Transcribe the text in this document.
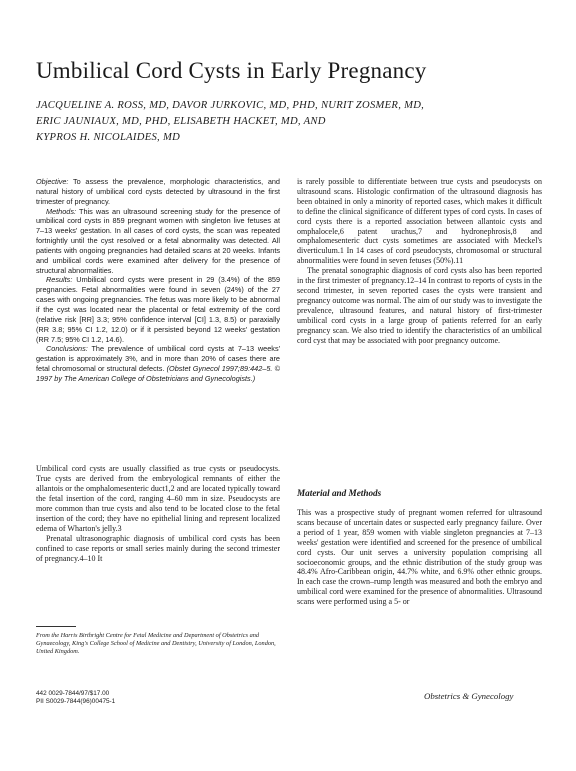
Umbilical Cord Cysts in Early Pregnancy
JACQUELINE A. ROSS, MD, DAVOR JURKOVIC, MD, PHD, NURIT ZOSMER, MD,
ERIC JAUNIAUX, MD, PHD, ELISABETH HACKET, MD, AND
KYPROS H. NICOLAIDES, MD

Objective: To assess the prevalence, morphologic characteristics, and natural history of umbilical cord cysts detected by ultrasound in the first trimester of pregnancy.

Methods: This was an ultrasound screening study for the presence of umbilical cord cysts in 859 pregnant women with singleton live fetuses at 7–13 weeks' gestation. In all cases of cord cysts, the scan was repeated fortnightly until the cyst resolved or a fetal abnormality was detected. All patients with ongoing pregnancies had detailed scans at 20 weeks. Infants and umbilical cords were examined after delivery for the presence of structural abnormalities.

Results: Umbilical cord cysts were present in 29 (3.4%) of the 859 pregnancies. Fetal abnormalities were found in seven (24%) of the 27 cases with ongoing pregnancies. The fetus was more likely to be abnormal if the cyst was located near the placental or fetal extremity of the cord (relative risk [RR] 3.3; 95% confidence interval [CI] 1.3, 8.5) or paraxially (RR 3.8; 95% CI 1.2, 12.0) or if it persisted beyond 12 weeks' gestation (RR 7.5; 95% CI 1.2, 14.6).

Conclusions: The prevalence of umbilical cord cysts at 7–13 weeks' gestation is approximately 3%, and in more than 20% of cases there are fetal chromosomal or structural defects. (Obstet Gynecol 1997;89:442–5. © 1997 by The American College of Obstetricians and Gynecologists.)

Umbilical cord cysts are usually classified as true cysts or pseudocysts. True cysts are derived from the embryological remnants of either the allantois or the omphalomesenteric duct1,2 and are located typically toward the fetal insertion of the cord, ranging 4–60 mm in size. Pseudocysts are more common than true cysts and also tend to be located close to the fetal insertion of the cord; they have no epithelial lining and represent localized edema of Wharton's jelly.3

Prenatal ultrasonographic diagnosis of umbilical cord cysts has been confined to case reports or small series mainly during the second trimester of pregnancy.4–10 It

is rarely possible to differentiate between true cysts and pseudocysts on ultrasound scans. Histologic confirmation of the ultrasound diagnosis has been obtained in only a minority of reported cases, which makes it difficult to define the clinical significance of different types of cord cysts. In cases of cord cysts there is a reported association between allantoic cysts and omphalocele,6 patent urachus,7 and hydronephrosis,8 and omphalomesenteric duct cysts sometimes are associated with Meckel's diverticulum.1 In 14 cases of cord pseudocysts, chromosomal or structural abnormalities were found in seven fetuses (50%).11

The prenatal sonographic diagnosis of cord cysts also has been reported in the first trimester of pregnancy.12–14 In contrast to reports of cysts in the second trimester, in seven reported cases the cysts were transient and pregnancy outcome was normal. The aim of our study was to investigate the prevalence, ultrasound features, and natural history of first-trimester umbilical cord cysts in a large group of patients referred for an early pregnancy scan. We also tried to identify the characteristics of an umbilical cord cyst that may be associated with poor pregnancy outcome.

Material and Methods

This was a prospective study of pregnant women referred for ultrasound scans because of uncertain dates or suspected early pregnancy failure. Over a period of 1 year, 859 women with viable singleton pregnancies at 7–13 weeks' gestation were identified and screened for the presence of umbilical cord cysts. Our unit serves a university population comprising all socioeconomic groups, and the ethnic distribution of the study group was 48.4% Afro-Caribbean origin, 44.7% white, and 6.9% other ethnic groups. In each case the crown–rump length was measured and both the embryo and umbilical cord were examined for the presence of abnormalities. Ultrasound scans were performed using a 5- or

From the Harris Birthright Centre for Fetal Medicine and Department of Obstetrics and Gynaecology, King's College School of Medicine and Dentistry, University of London, London, United Kingdom.
442 0029-7844/97/$17.00
PII S0029-7844(96)00475-1
Obstetrics & Gynecology
